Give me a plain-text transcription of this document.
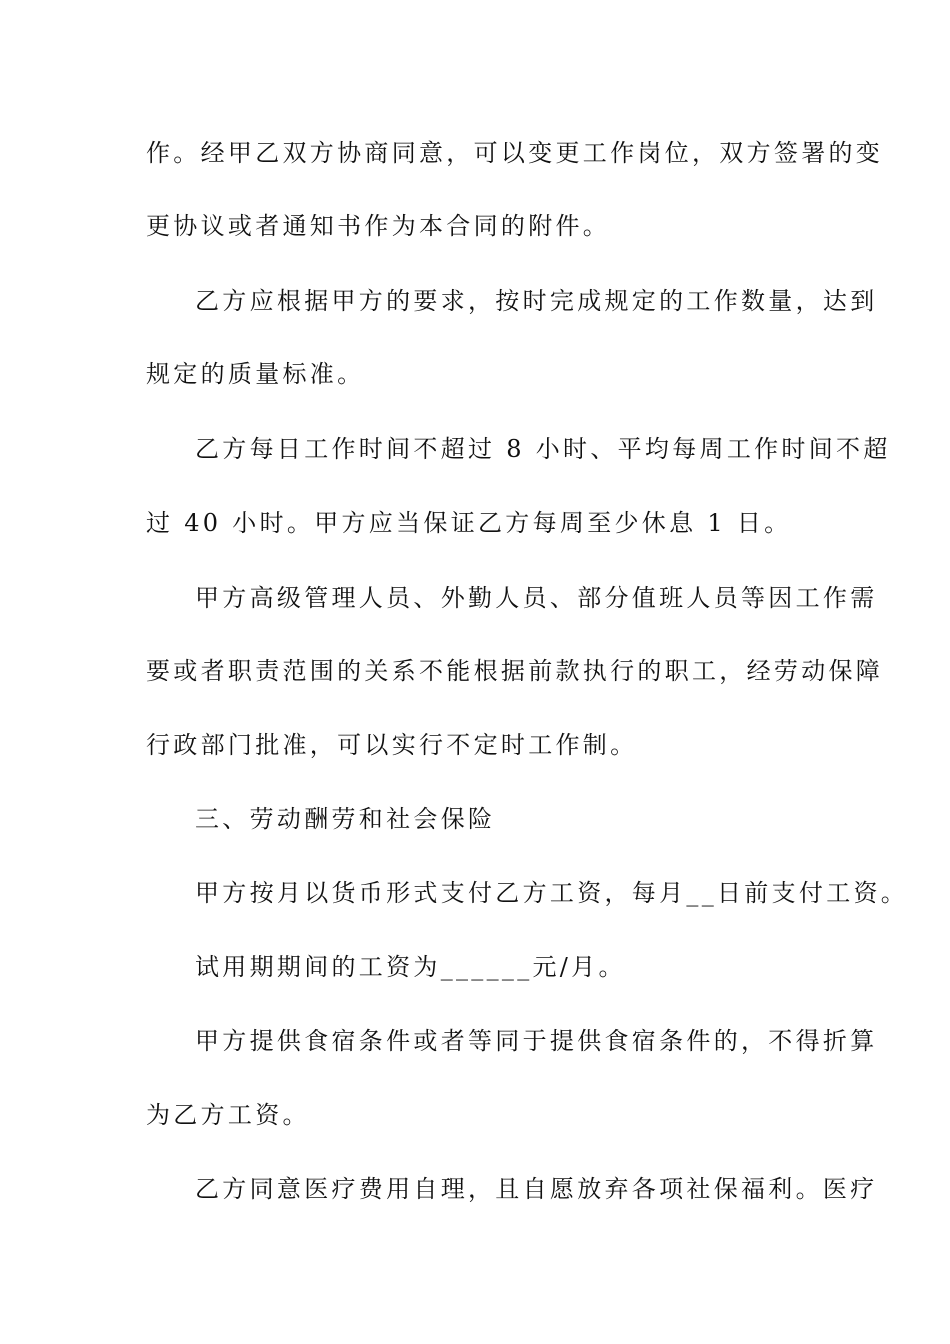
作。经甲乙双方协商同意，可以变更工作岗位，双方签署的变
更协议或者通知书作为本合同的附件。
乙方应根据甲方的要求，按时完成规定的工作数量，达到
规定的质量标准。
乙方每日工作时间不超过 8 小时、平均每周工作时间不超
过 40 小时。甲方应当保证乙方每周至少休息 1 日。
甲方高级管理人员、外勤人员、部分值班人员等因工作需
要或者职责范围的关系不能根据前款执行的职工，经劳动保障
行政部门批准，可以实行不定时工作制。
三、劳动酬劳和社会保险
甲方按月以货币形式支付乙方工资，每月__日前支付工资。
试用期期间的工资为______元/月。
甲方提供食宿条件或者等同于提供食宿条件的，不得折算
为乙方工资。
乙方同意医疗费用自理，且自愿放弃各项社保福利。医疗
